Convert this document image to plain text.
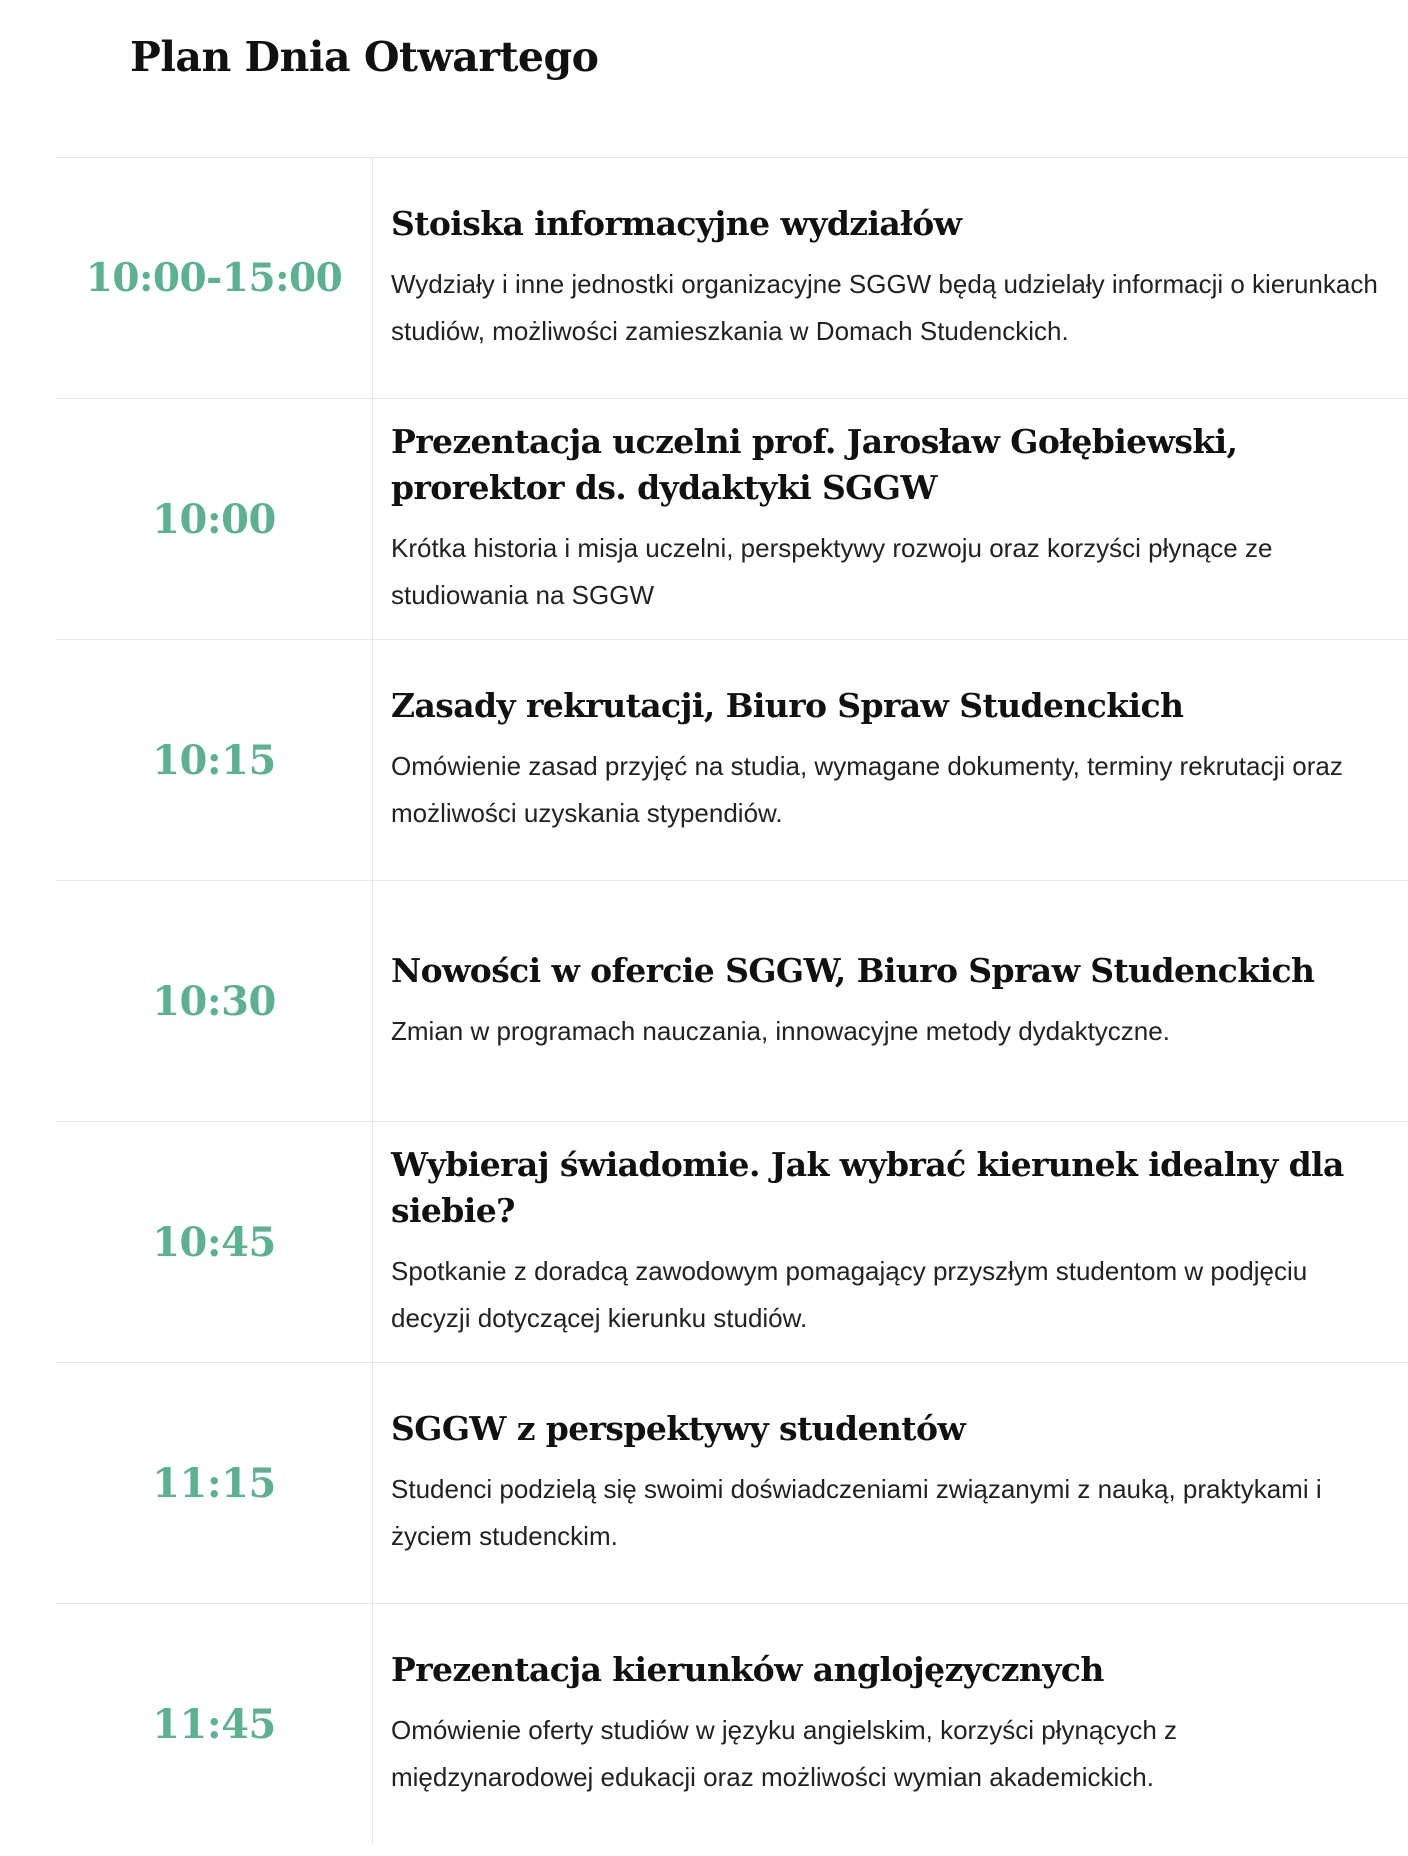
Plan Dnia Otwartego
10:00-15:00
Stoiska informacyjne wydziałów

Wydziały i inne jednostki organizacyjne SGGW będą udzielały informacji o kierunkach studiów, możliwości zamieszkania w Domach Studenckich.

10:00
Prezentacja uczelni prof. Jarosław Gołębiewski, prorektor ds. dydaktyki SGGW

Krótka historia i misja uczelni, perspektywy rozwoju oraz korzyści płynące ze studiowania na SGGW

10:15
Zasady rekrutacji, Biuro Spraw Studenckich

Omówienie zasad przyjęć na studia, wymagane dokumenty, terminy rekrutacji oraz możliwości uzyskania stypendiów.

10:30
Nowości w ofercie SGGW, Biuro Spraw Studenckich

Zmian w programach nauczania, innowacyjne metody dydaktyczne.

10:45
Wybieraj świadomie. Jak wybrać kierunek idealny dla siebie?

Spotkanie z doradcą zawodowym pomagający przyszłym studentom w podjęciu decyzji dotyczącej kierunku studiów.

11:15
SGGW z perspektywy studentów

Studenci podzielą się swoimi doświadczeniami związanymi z nauką, praktykami i życiem studenckim.

11:45
Prezentacja kierunków anglojęzycznych

Omówienie oferty studiów w języku angielskim, korzyści płynących z międzynarodowej edukacji oraz możliwości wymian akademickich.
